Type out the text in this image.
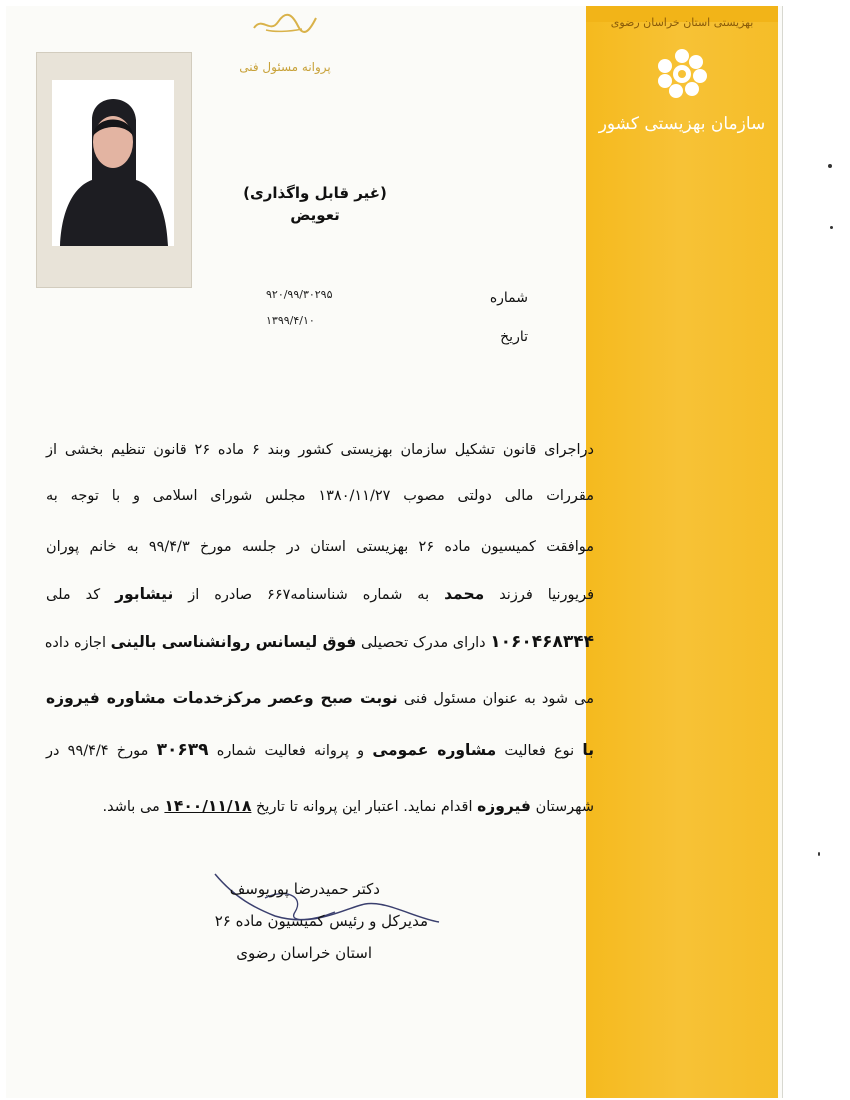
بهزیستی استان خراسان رضوی
سازمان بهزیستی کشور
پروانه مسئول فنی
(غیر قابل واگذاری)
تعویض
۹۲۰/۹۹/۳۰۲۹۵	شماره
۱۳۹۹/۴/۱۰
تاریخ
دراجرای قانون تشکیل سازمان بهزیستی کشور وبند ۶ ماده ۲۶ قانون تنظیم بخشی از
مقررات مالی دولتی مصوب ۱۳۸۰/۱۱/۲۷ مجلس شورای اسلامی و با توجه به
موافقت کمیسیون ماده ۲۶ بهزیستی استان در جلسه مورخ ۹۹/۴/۳ به خانم پوران
فریورنیا فرزند محمد به شماره شناسنامه۶۶۷ صادره از نیشابور کد ملی
۱۰۶۰۴۶۸۳۴۴ دارای مدرک تحصیلی فوق لیسانس روانشناسی بالینی اجازه داده
می شود به عنوان مسئول فنی نوبت صبح وعصر مرکزخدمات مشاوره فیروزه
با نوع فعالیت مشاوره عمومی و پروانه فعالیت شماره ۳۰۶۳۹ مورخ ۹۹/۴/۴ در
شهرستان فیروزه اقدام نماید. اعتبار این پروانه تا تاریخ ۱۴۰۰/۱۱/۱۸ می باشد.
دکتر حمیدرضا پوریوسف
مدیرکل و رئیس کمیسیون ماده ۲۶
استان خراسان رضوی
